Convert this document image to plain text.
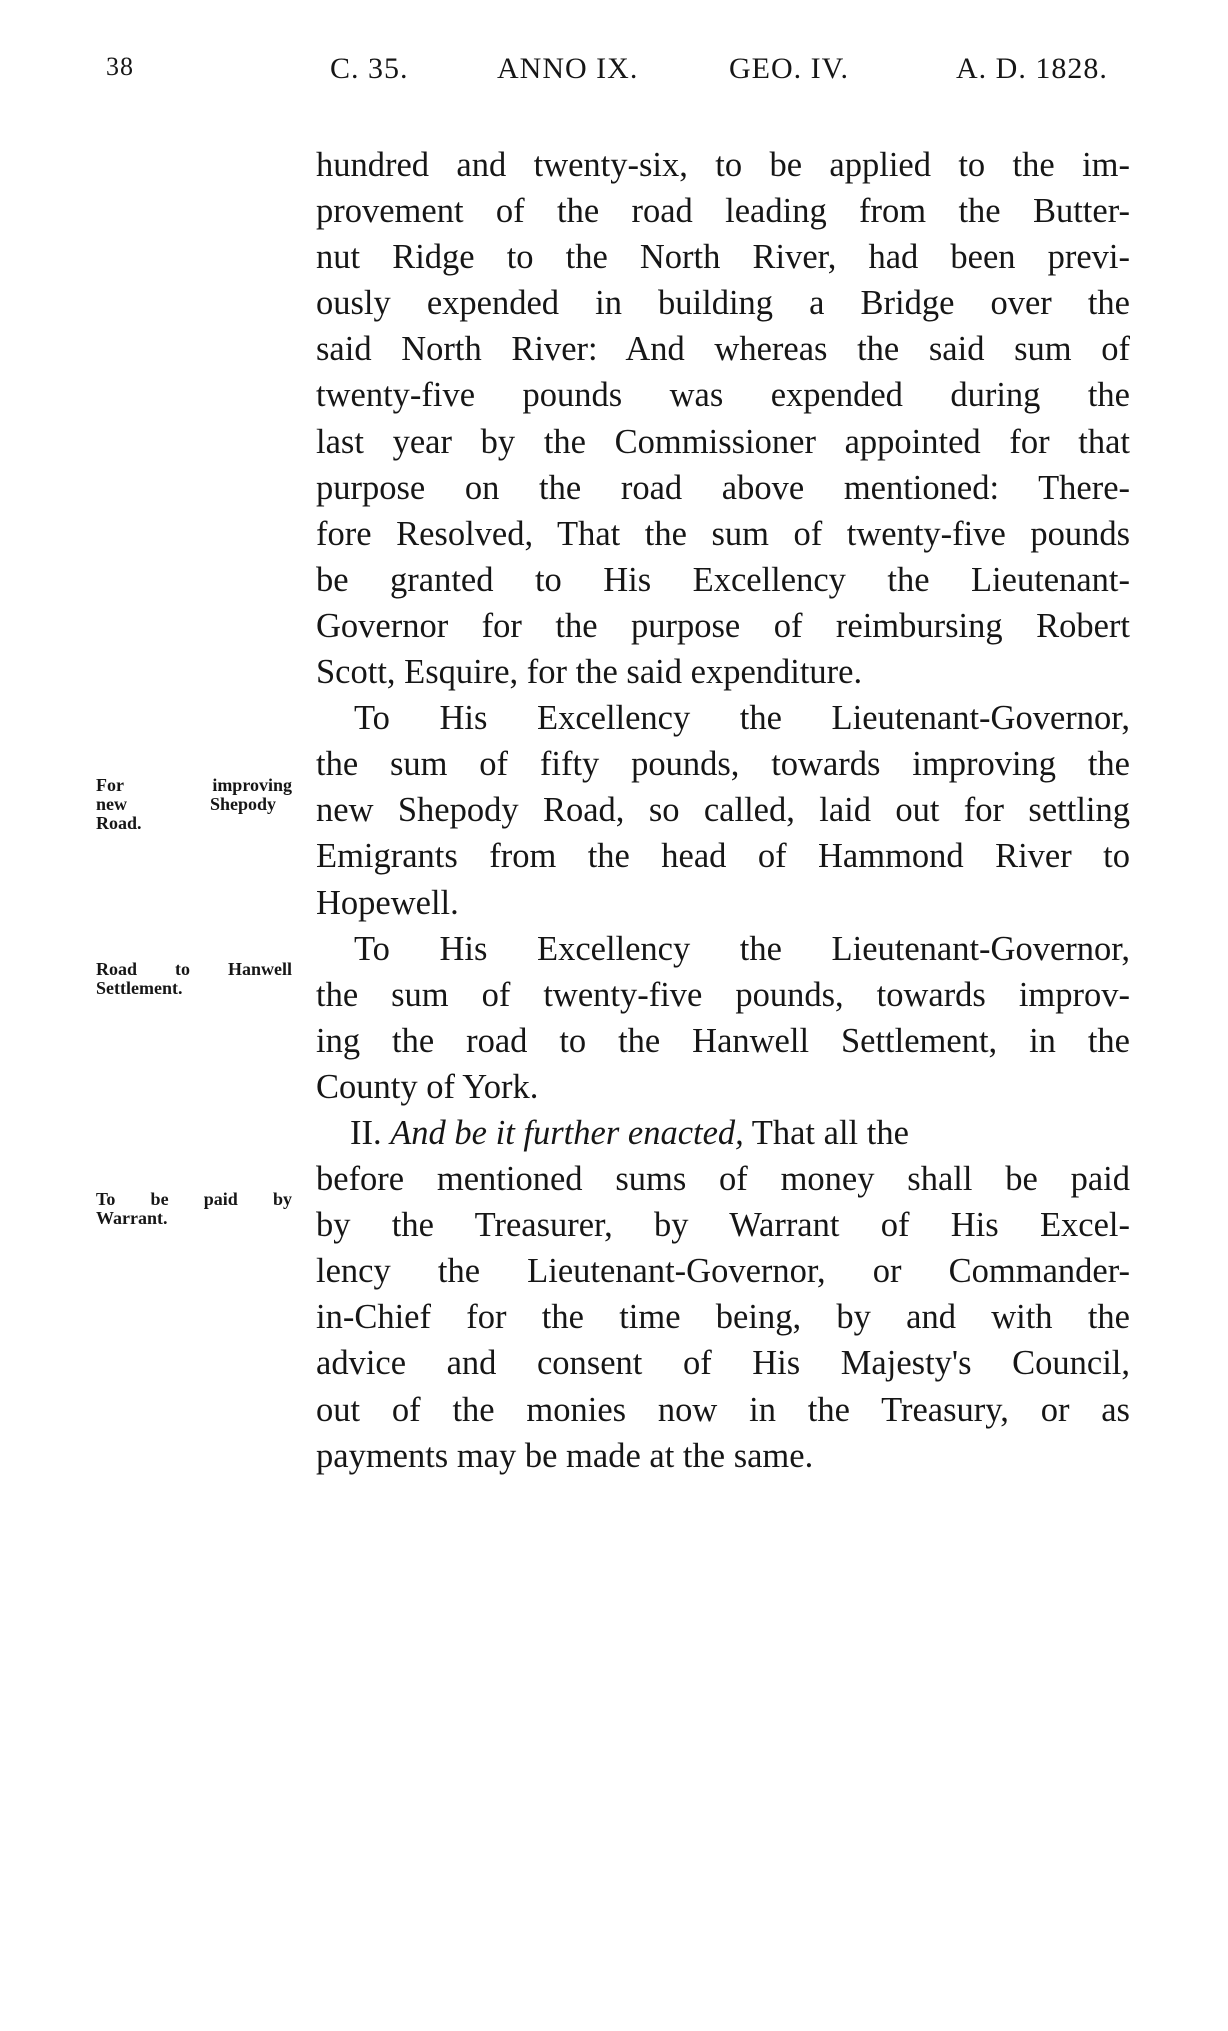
38	C. 35.	ANNO IX.	GEO. IV.	A. D. 1828.
For improving
new Shepody
Road.
Road to Hanwell
Settlement.
To be paid by
Warrant.
hundred and twenty-six, to be applied to the im-
provement of the road leading from the Butter-
nut Ridge to the North River, had been previ-
ously expended in building a Bridge over the
said North River: And whereas the said sum of
twenty-five pounds was expended during the
last year by the Commissioner appointed for that
purpose on the road above mentioned: There-
fore Resolved, That the sum of twenty-five pounds
be granted to His Excellency the Lieutenant-
Governor for the purpose of reimbursing Robert
Scott, Esquire, for the said expenditure.
To His Excellency the Lieutenant-Governor,
the sum of fifty pounds, towards improving the
new Shepody Road, so called, laid out for settling
Emigrants from the head of Hammond River to
Hopewell.
To His Excellency the Lieutenant-Governor,
the sum of twenty-five pounds, towards improv-
ing the road to the Hanwell Settlement, in the
County of York.
II. And be it further enacted, That all the
before mentioned sums of money shall be paid
by the Treasurer, by Warrant of His Excel-
lency the Lieutenant-Governor, or Commander-
in-Chief for the time being, by and with the
advice and consent of His Majesty's Council,
out of the monies now in the Treasury, or as
payments may be made at the same.
